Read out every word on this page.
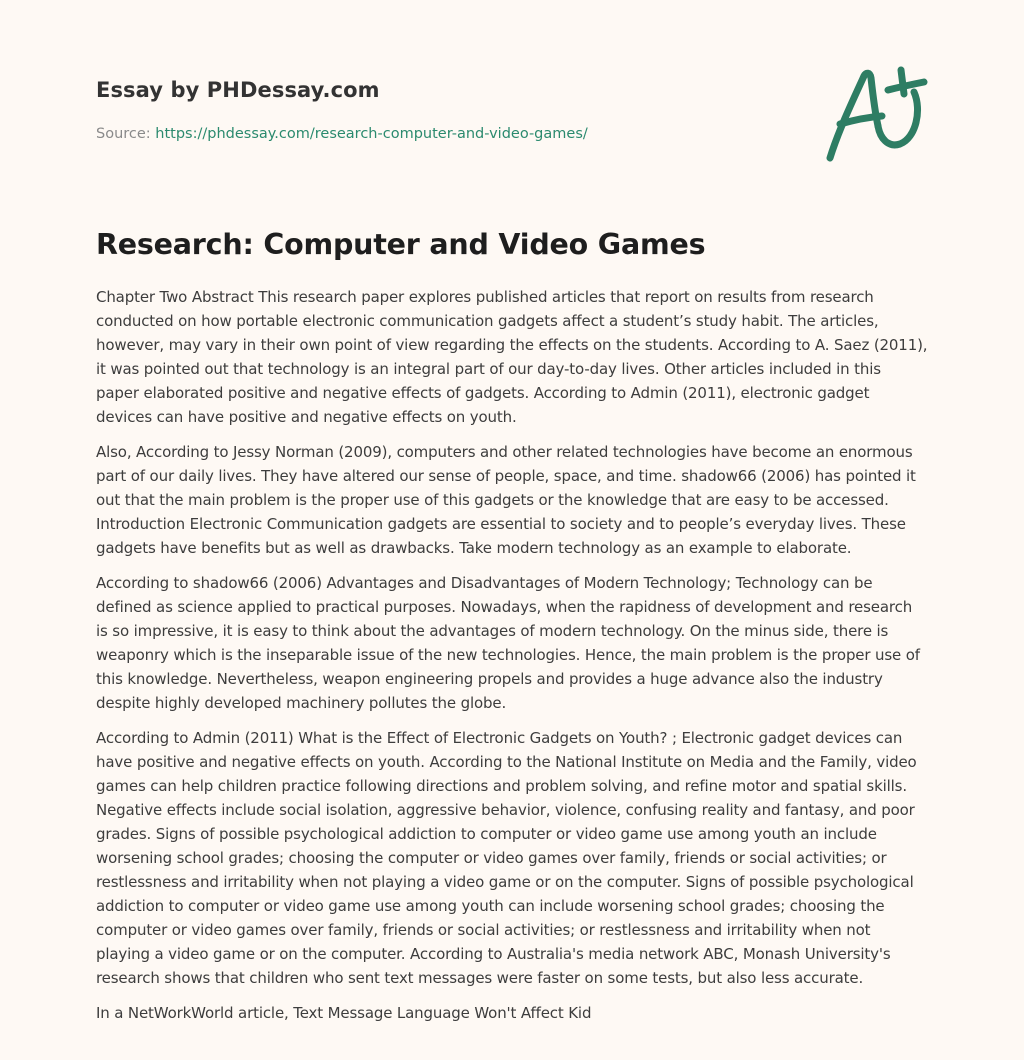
Essay by PHDessay.com
Source: https://phdessay.com/research-computer-and-video-games/
Research: Computer and Video Games

Chapter Two Abstract This research paper explores published articles that report on results from research conducted on how portable electronic communication gadgets affect a student’s study habit. The articles, however, may vary in their own point of view regarding the effects on the students. According to A. Saez (2011), it was pointed out that technology is an integral part of our day-to-day lives. Other articles included in this paper elaborated positive and negative effects of gadgets. According to Admin (2011), electronic gadget devices can have positive and negative effects on youth.

Also, According to Jessy Norman (2009), computers and other related technologies have become an enormous part of our daily lives. They have altered our sense of people, space, and time. shadow66 (2006) has pointed it out that the main problem is the proper use of this gadgets or the knowledge that are easy to be accessed. Introduction Electronic Communication gadgets are essential to society and to people’s everyday lives. These gadgets have benefits but as well as drawbacks. Take modern technology as an example to elaborate.

According to shadow66 (2006) Advantages and Disadvantages of Modern Technology; Technology can be defined as science applied to practical purposes. Nowadays, when the rapidness of development and research is so impressive, it is easy to think about the advantages of modern technology. On the minus side, there is weaponry which is the inseparable issue of the new technologies. Hence, the main problem is the proper use of this knowledge. Nevertheless, weapon engineering propels and provides a huge advance also the industry despite highly developed machinery pollutes the globe.

According to Admin (2011) What is the Effect of Electronic Gadgets on Youth? ; Electronic gadget devices can have positive and negative effects on youth. According to the National Institute on Media and the Family, video games can help children practice following directions and problem solving, and refine motor and spatial skills. Negative effects include social isolation, aggressive behavior, violence, confusing reality and fantasy, and poor grades. Signs of possible psychological addiction to computer or video game use among youth an include worsening school grades; choosing the computer or video games over family, friends or social activities; or restlessness and irritability when not playing a video game or on the computer. Signs of possible psychological addiction to computer or video game use among youth can include worsening school grades; choosing the computer or video games over family, friends or social activities; or restlessness and irritability when not playing a video game or on the computer. According to Australia's media network ABC, Monash University's research shows that children who sent text messages were faster on some tests, but also less accurate.

In a NetWorkWorld article, Text Message Language Won't Affect Kid
